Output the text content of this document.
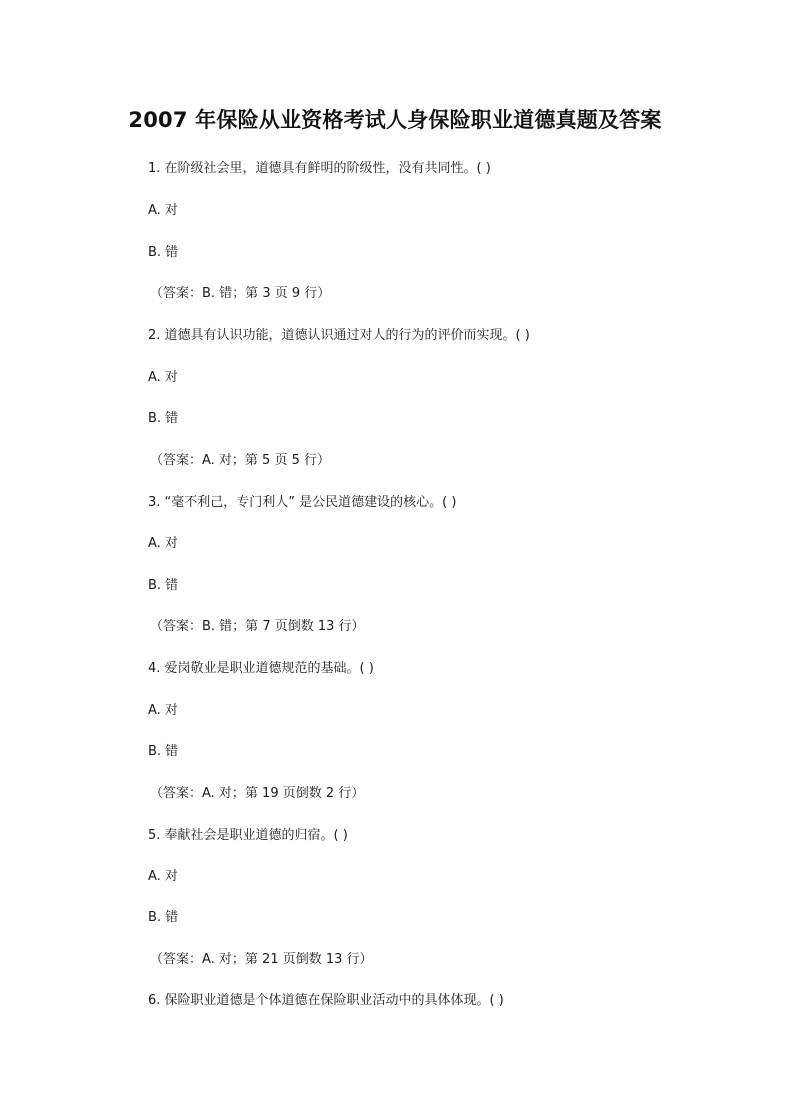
2007 年保险从业资格考试人身保险职业道德真题及答案
1. 在阶级社会里，道德具有鲜明的阶级性，没有共同性。( )
A. 对
B. 错
（答案：B. 错；第 3 页 9 行）
2. 道德具有认识功能，道德认识通过对人的行为的评价而实现。( )
A. 对
B. 错
（答案：A. 对；第 5 页 5 行）
3. “毫不利己，专门利人” 是公民道德建设的核心。( )
A. 对
B. 错
（答案：B. 错；第 7 页倒数 13 行）
4. 爱岗敬业是职业道德规范的基础。( )
A. 对
B. 错
（答案：A. 对；第 19 页倒数 2 行）
5. 奉献社会是职业道德的归宿。( )
A. 对
B. 错
（答案：A. 对；第 21 页倒数 13 行）
6. 保险职业道德是个体道德在保险职业活动中的具体体现。( )
